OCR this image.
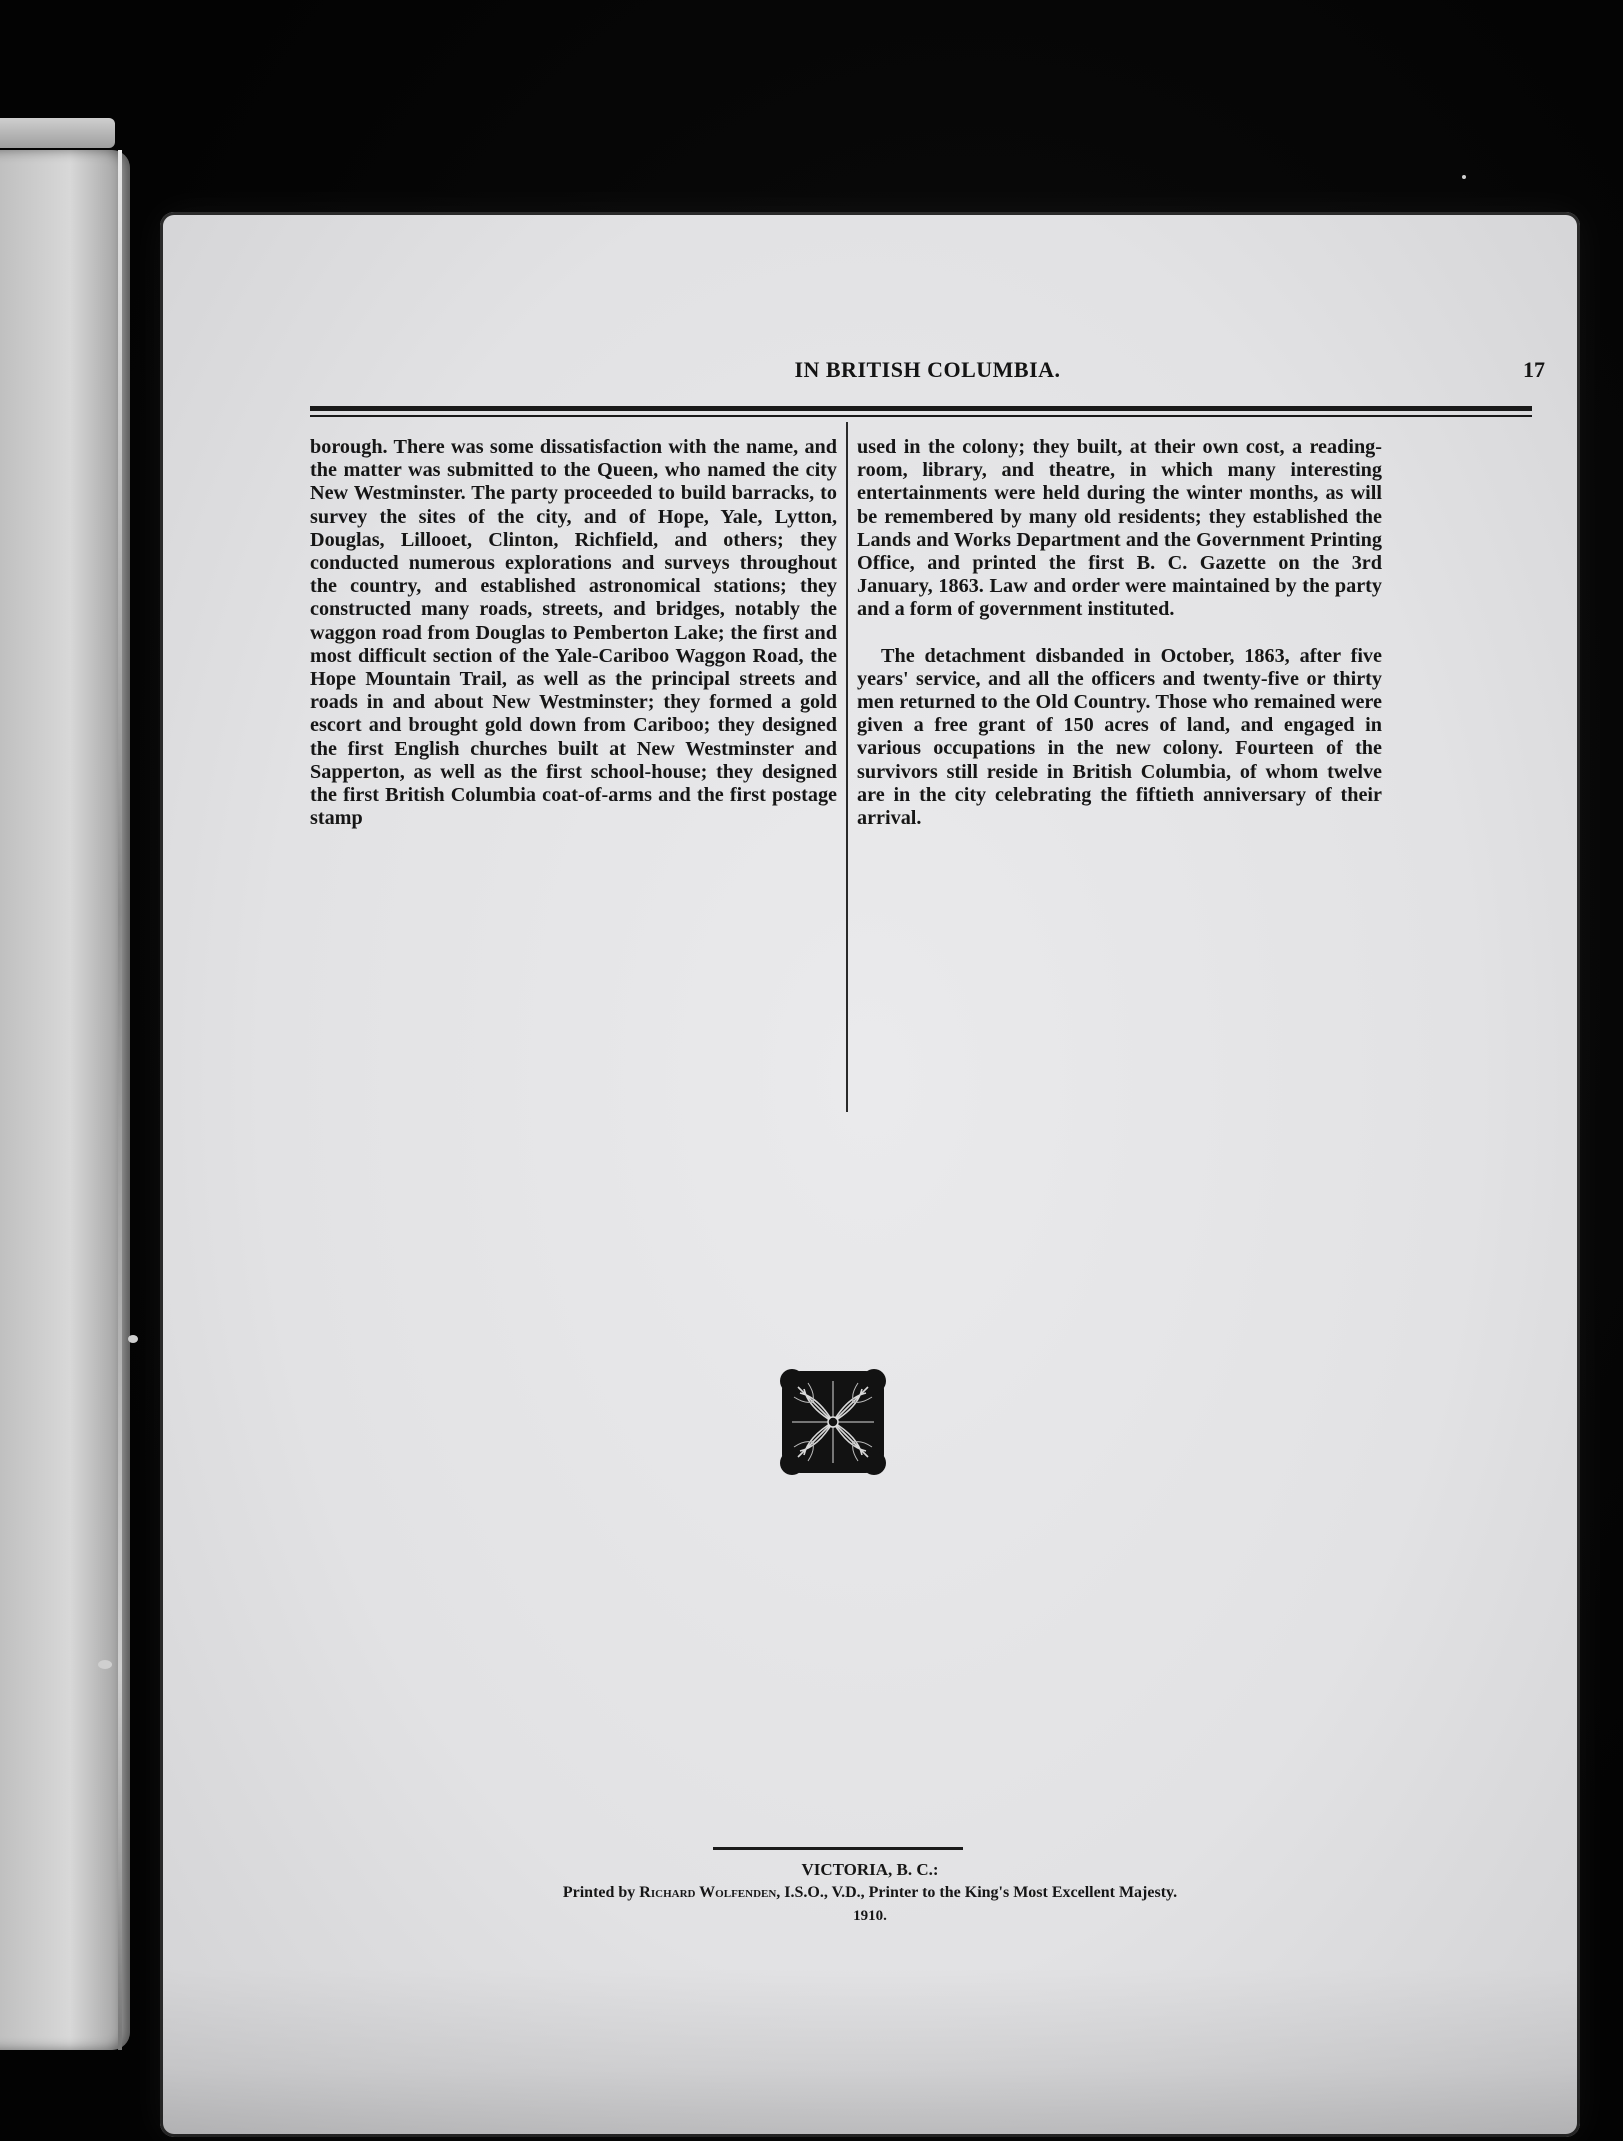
IN BRITISH COLUMBIA.	17

borough. There was some dissatisfaction with the name, and the matter was submitted to the Queen, who named the city New Westminster. The party proceeded to build barracks, to survey the sites of the city, and of Hope, Yale, Lytton, Douglas, Lillooet, Clinton, Richfield, and others; they conducted numerous explorations and surveys throughout the country, and established astronomical stations; they constructed many roads, streets, and bridges, notably the waggon road from Douglas to Pemberton Lake; the first and most difficult section of the Yale-Cariboo Waggon Road, the Hope Mountain Trail, as well as the principal streets and roads in and about New Westminster; they formed a gold escort and brought gold down from Cariboo; they designed the first English churches built at New Westminster and Sapperton, as well as the first school-house; they designed the first British Columbia coat-of-arms and the first postage stamp

used in the colony; they built, at their own cost, a reading-room, library, and theatre, in which many interesting entertainments were held during the winter months, as will be remembered by many old residents; they established the Lands and Works Department and the Government Printing Office, and printed the first B. C. Gazette on the 3rd January, 1863. Law and order were maintained by the party and a form of government instituted.

The detachment disbanded in October, 1863, after five years' service, and all the officers and twenty-five or thirty men returned to the Old Country. Those who remained were given a free grant of 150 acres of land, and engaged in various occupations in the new colony. Fourteen of the survivors still reside in British Columbia, of whom twelve are in the city celebrating the fiftieth anniversary of their arrival.

VICTORIA, B. C.:
Printed by Richard Wolfenden, I.S.O., V.D., Printer to the King's Most Excellent Majesty.
1910.
